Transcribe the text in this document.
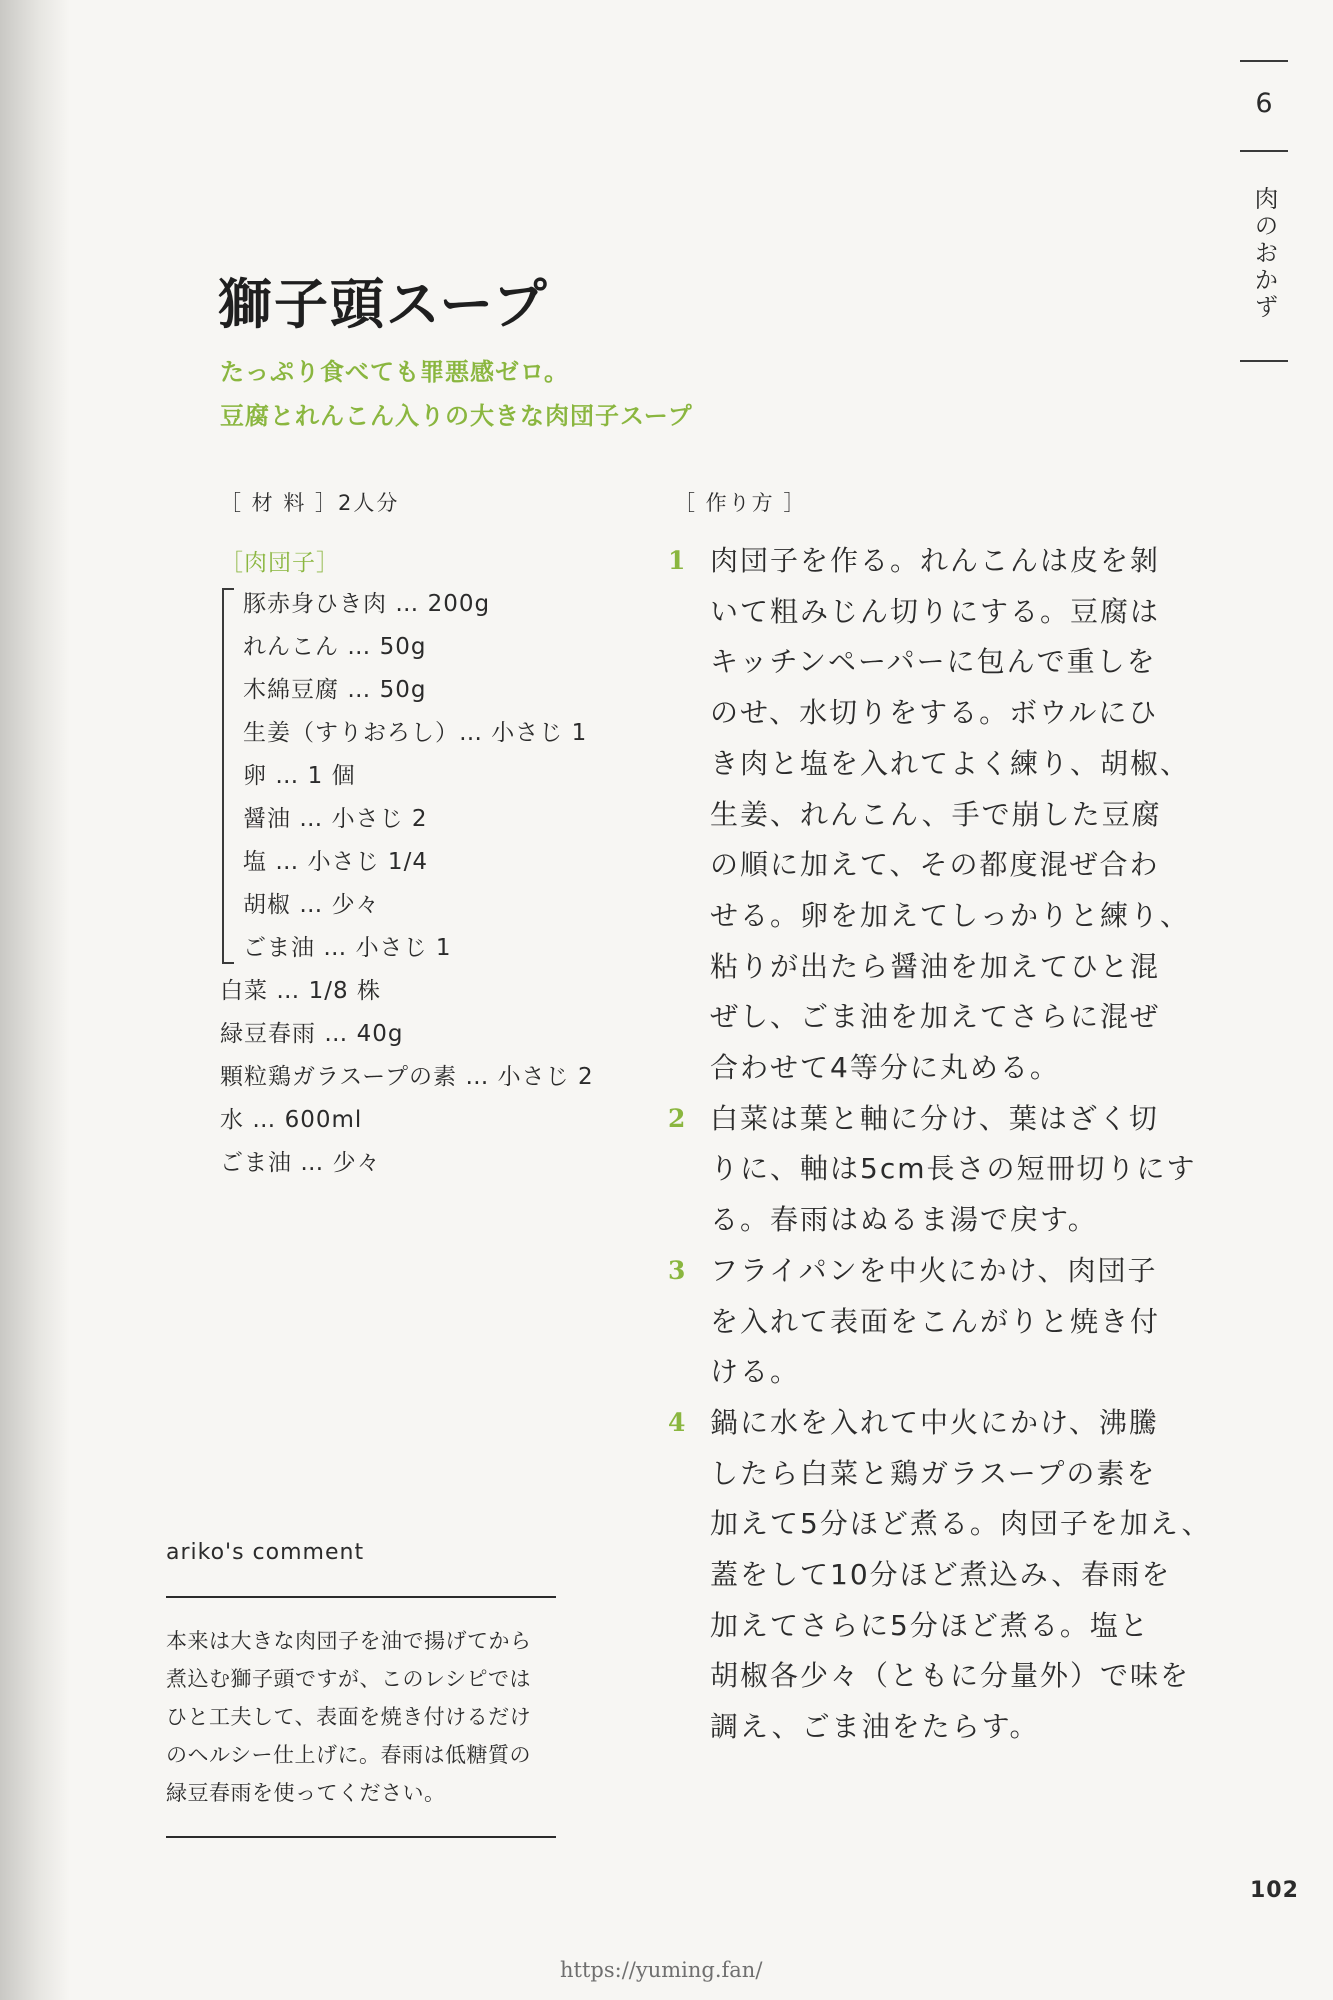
6
肉のおかず
獅子頭スープ
たっぷり食べても罪悪感ゼロ。
豆腐とれんこん入りの大きな肉団子スープ
［ 材 料 ］2人分
［肉団子］
豚赤身ひき肉 … 200g
れんこん … 50g
木綿豆腐 … 50g
生姜（すりおろし）… 小さじ 1
卵 … 1 個
醤油 … 小さじ 2
塩 … 小さじ 1/4
胡椒 … 少々
ごま油 … 小さじ 1
白菜 … 1/8 株
緑豆春雨 … 40g
顆粒鶏ガラスープの素 … 小さじ 2
水 … 600ml
ごま油 … 少々
［ 作り方 ］
1 肉団子を作る。れんこんは皮を剝
いて粗みじん切りにする。豆腐は
キッチンペーパーに包んで重しを
のせ、水切りをする。ボウルにひ
き肉と塩を入れてよく練り、胡椒、
生姜、れんこん、手で崩した豆腐
の順に加えて、その都度混ぜ合わ
せる。卵を加えてしっかりと練り、
粘りが出たら醤油を加えてひと混
ぜし、ごま油を加えてさらに混ぜ
合わせて4等分に丸める。
2 白菜は葉と軸に分け、葉はざく切
りに、軸は5cm長さの短冊切りにす
る。春雨はぬるま湯で戻す。
3 フライパンを中火にかけ、肉団子
を入れて表面をこんがりと焼き付
ける。
4 鍋に水を入れて中火にかけ、沸騰
したら白菜と鶏ガラスープの素を
加えて5分ほど煮る。肉団子を加え、
蓋をして10分ほど煮込み、春雨を
加えてさらに5分ほど煮る。塩と
胡椒各少々（ともに分量外）で味を
調え、ごま油をたらす。
ariko's comment
本来は大きな肉団子を油で揚げてから
煮込む獅子頭ですが、このレシピでは
ひと工夫して、表面を焼き付けるだけ
のヘルシー仕上げに。春雨は低糖質の
緑豆春雨を使ってください。
102
https://yuming.fan/
